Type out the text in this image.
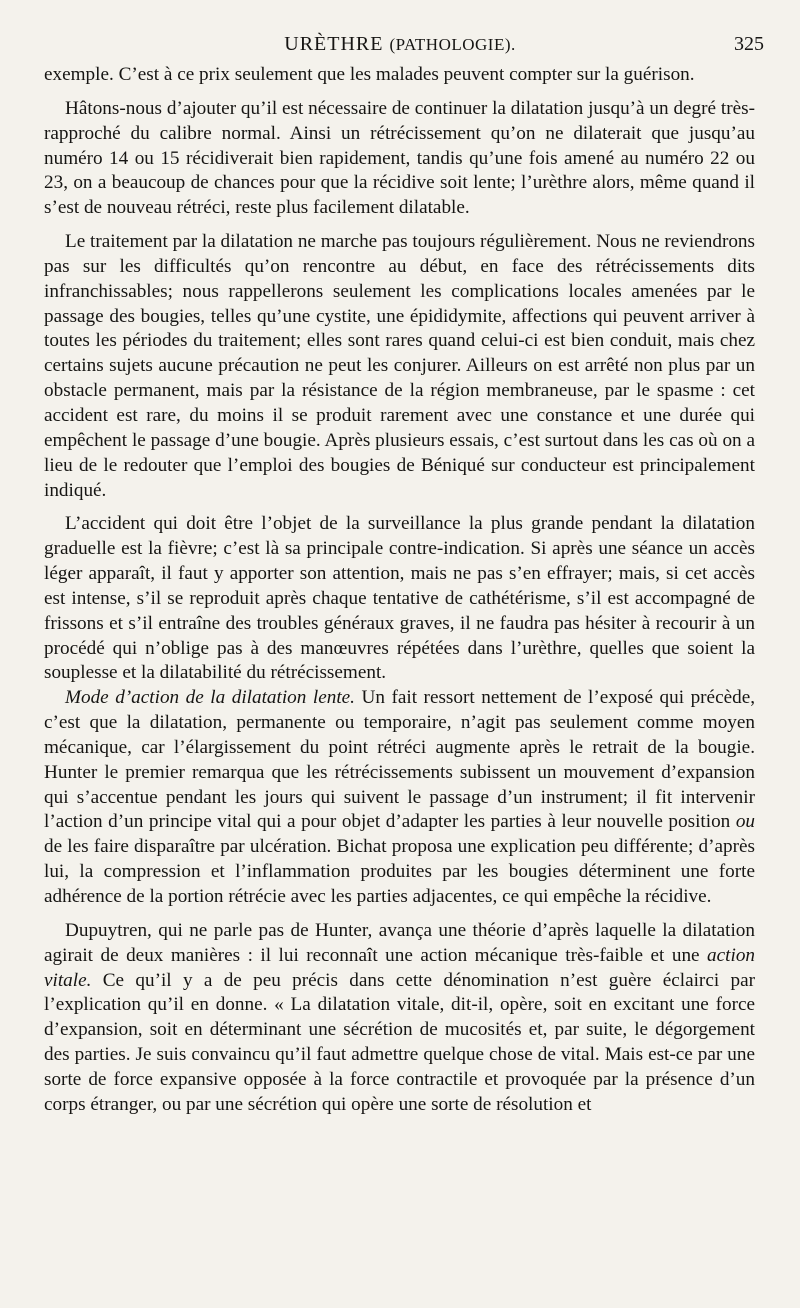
URÈTHRE (PATHOLOGIE).	325

exemple. C’est à ce prix seulement que les malades peuvent compter sur la guérison.

Hâtons-nous d’ajouter qu’il est nécessaire de continuer la dilatation jusqu’à un degré très-rapproché du calibre normal. Ainsi un rétrécissement qu’on ne dilaterait que jusqu’au numéro 14 ou 15 récidiverait bien rapidement, tandis qu’une fois amené au numéro 22 ou 23, on a beaucoup de chances pour que la récidive soit lente; l’urèthre alors, même quand il s’est de nouveau rétréci, reste plus facilement dilatable.

Le traitement par la dilatation ne marche pas toujours régulièrement. Nous ne reviendrons pas sur les difficultés qu’on rencontre au début, en face des rétrécissements dits infranchissables; nous rappellerons seulement les complications locales amenées par le passage des bougies, telles qu’une cystite, une épididymite, affections qui peuvent arriver à toutes les périodes du traitement; elles sont rares quand celui-ci est bien conduit, mais chez certains sujets aucune précaution ne peut les conjurer. Ailleurs on est arrêté non plus par un obstacle permanent, mais par la résistance de la région membraneuse, par le spasme : cet accident est rare, du moins il se produit rarement avec une constance et une durée qui empêchent le passage d’une bougie. Après plusieurs essais, c’est surtout dans les cas où on a lieu de le redouter que l’emploi des bougies de Béniqué sur conducteur est principalement indiqué.

L’accident qui doit être l’objet de la surveillance la plus grande pendant la dilatation graduelle est la fièvre; c’est là sa principale contre-indication. Si après une séance un accès léger apparaît, il faut y apporter son attention, mais ne pas s’en effrayer; mais, si cet accès est intense, s’il se reproduit après chaque tentative de cathétérisme, s’il est accompagné de frissons et s’il entraîne des troubles généraux graves, il ne faudra pas hésiter à recourir à un procédé qui n’oblige pas à des manœuvres répétées dans l’urèthre, quelles que soient la souplesse et la dilatabilité du rétrécissement.

Mode d’action de la dilatation lente. Un fait ressort nettement de l’exposé qui précède, c’est que la dilatation, permanente ou temporaire, n’agit pas seulement comme moyen mécanique, car l’élargissement du point rétréci augmente après le retrait de la bougie. Hunter le premier remarqua que les rétrécissements subissent un mouvement d’expansion qui s’accentue pendant les jours qui suivent le passage d’un instrument; il fit intervenir l’action d’un principe vital qui a pour objet d’adapter les parties à leur nouvelle position ou de les faire disparaître par ulcération. Bichat proposa une explication peu différente; d’après lui, la compression et l’inflammation produites par les bougies déterminent une forte adhérence de la portion rétrécie avec les parties adjacentes, ce qui empêche la récidive.

Dupuytren, qui ne parle pas de Hunter, avança une théorie d’après laquelle la dilatation agirait de deux manières : il lui reconnaît une action mécanique très-faible et une action vitale. Ce qu’il y a de peu précis dans cette dénomination n’est guère éclairci par l’explication qu’il en donne. « La dilatation vitale, dit-il, opère, soit en excitant une force d’expansion, soit en déterminant une sécrétion de mucosités et, par suite, le dégorgement des parties. Je suis convaincu qu’il faut admettre quelque chose de vital. Mais est-ce par une sorte de force expansive opposée à la force contractile et provoquée par la présence d’un corps étranger, ou par une sécrétion qui opère une sorte de résolution et
